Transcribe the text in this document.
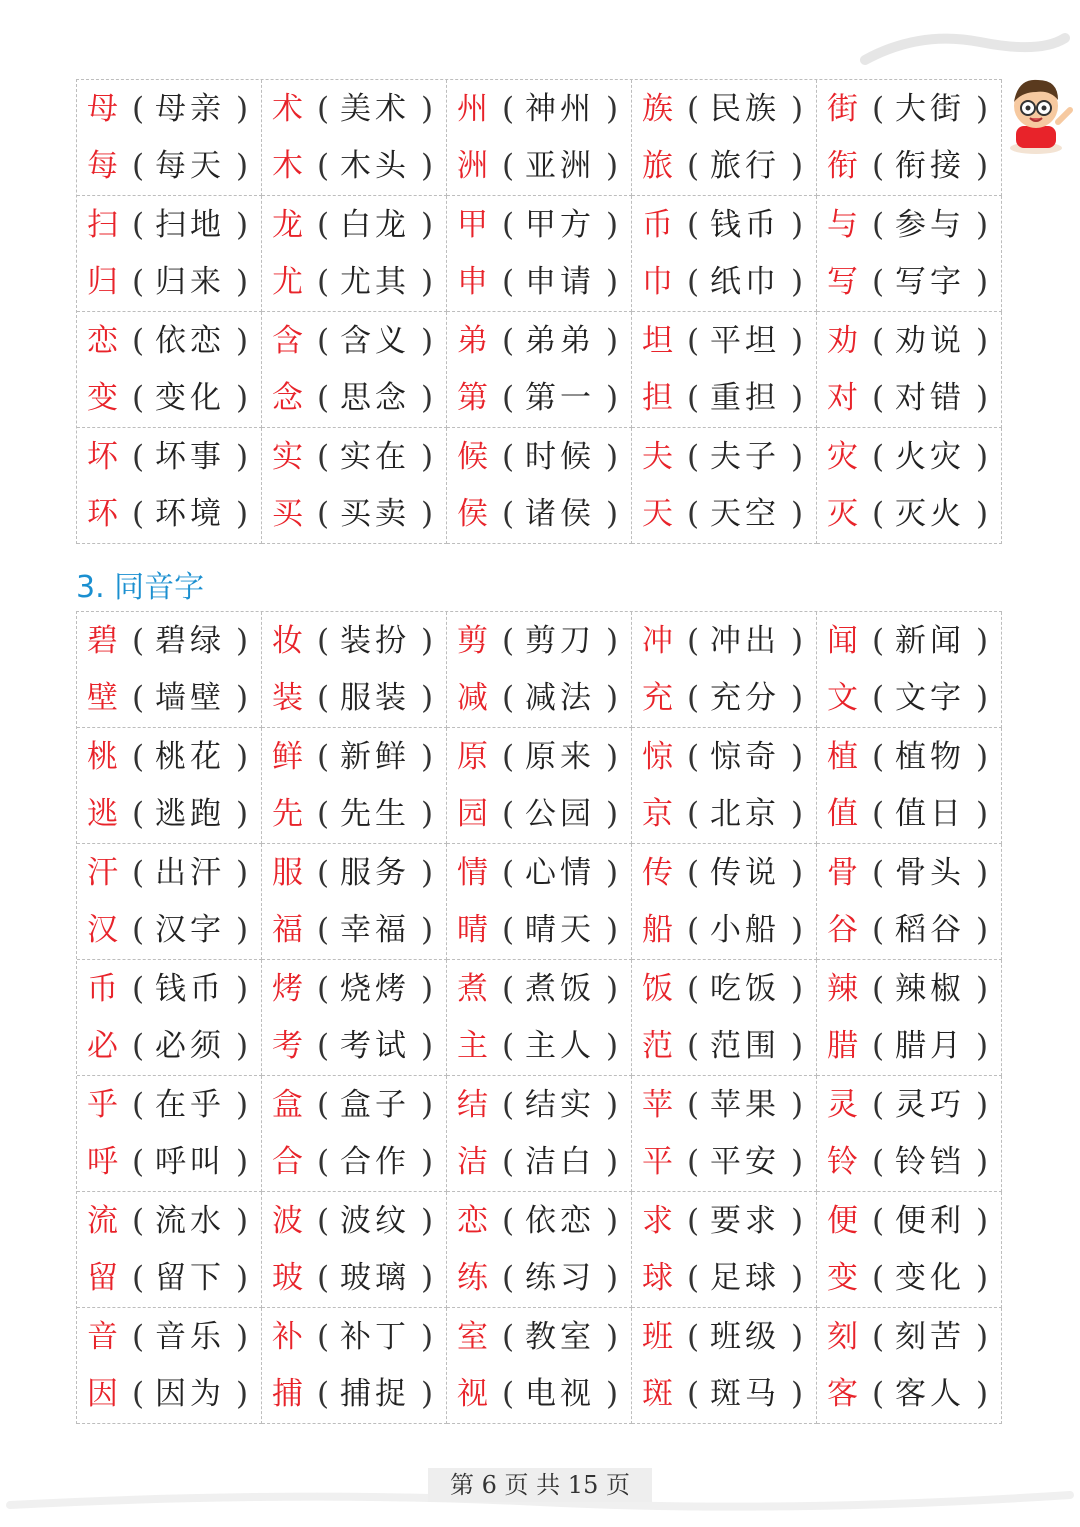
母 ( 母亲 )
每 ( 每天 )
术 ( 美术 )
木 ( 木头 )
州 ( 神州 )
洲 ( 亚洲 )
族 ( 民族 )
旅 ( 旅行 )
街 ( 大街 )
衔 ( 衔接 )
扫 ( 扫地 )
归 ( 归来 )
龙 ( 白龙 )
尤 ( 尤其 )
甲 ( 甲方 )
申 ( 申请 )
币 ( 钱币 )
巾 ( 纸巾 )
与 ( 参与 )
写 ( 写字 )
恋 ( 依恋 )
变 ( 变化 )
含 ( 含义 )
念 ( 思念 )
弟 ( 弟弟 )
第 ( 第一 )
坦 ( 平坦 )
担 ( 重担 )
劝 ( 劝说 )
对 ( 对错 )
坏 ( 坏事 )
环 ( 环境 )
实 ( 实在 )
买 ( 买卖 )
候 ( 时候 )
侯 ( 诸侯 )
夫 ( 夫子 )
天 ( 天空 )
灾 ( 火灾 )
灭 ( 灭火 )
3. 同音字
碧 ( 碧绿 )
壁 ( 墙壁 )
妆 ( 装扮 )
装 ( 服装 )
剪 ( 剪刀 )
减 ( 减法 )
冲 ( 冲出 )
充 ( 充分 )
闻 ( 新闻 )
文 ( 文字 )
桃 ( 桃花 )
逃 ( 逃跑 )
鲜 ( 新鲜 )
先 ( 先生 )
原 ( 原来 )
园 ( 公园 )
惊 ( 惊奇 )
京 ( 北京 )
植 ( 植物 )
值 ( 值日 )
汗 ( 出汗 )
汉 ( 汉字 )
服 ( 服务 )
福 ( 幸福 )
情 ( 心情 )
晴 ( 晴天 )
传 ( 传说 )
船 ( 小船 )
骨 ( 骨头 )
谷 ( 稻谷 )
币 ( 钱币 )
必 ( 必须 )
烤 ( 烧烤 )
考 ( 考试 )
煮 ( 煮饭 )
主 ( 主人 )
饭 ( 吃饭 )
范 ( 范围 )
辣 ( 辣椒 )
腊 ( 腊月 )
乎 ( 在乎 )
呼 ( 呼叫 )
盒 ( 盒子 )
合 ( 合作 )
结 ( 结实 )
洁 ( 洁白 )
苹 ( 苹果 )
平 ( 平安 )
灵 ( 灵巧 )
铃 ( 铃铛 )
流 ( 流水 )
留 ( 留下 )
波 ( 波纹 )
玻 ( 玻璃 )
恋 ( 依恋 )
练 ( 练习 )
求 ( 要求 )
球 ( 足球 )
便 ( 便利 )
变 ( 变化 )
音 ( 音乐 )
因 ( 因为 )
补 ( 补丁 )
捕 ( 捕捉 )
室 ( 教室 )
视 ( 电视 )
班 ( 班级 )
斑 ( 斑马 )
刻 ( 刻苦 )
客 ( 客人 )
第 6 页 共 15 页
